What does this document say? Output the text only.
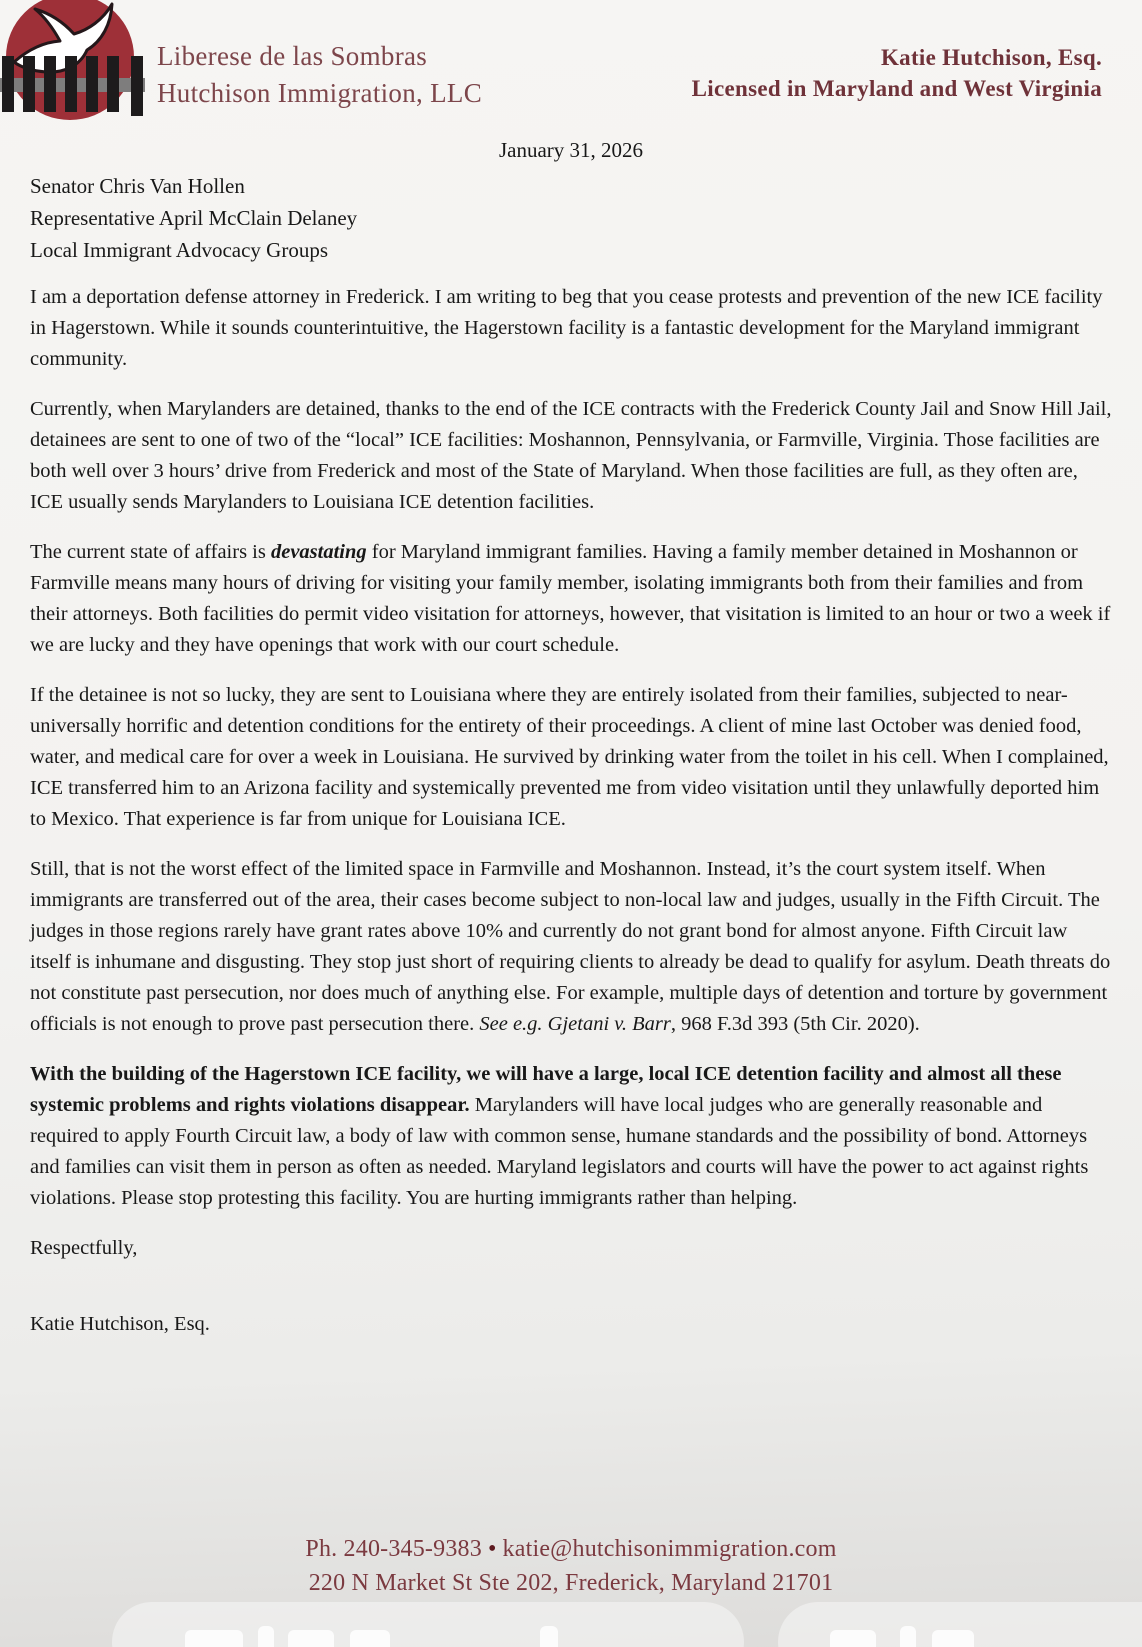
Liberese de las Sombras
Hutchison Immigration, LLC
Katie Hutchison, Esq.
Licensed in Maryland and West Virginia
January 31, 2026
Senator Chris Van Hollen
Representative April McClain Delaney
Local Immigrant Advocacy Groups

I am a deportation defense attorney in Frederick. I am writing to beg that you cease protests and prevention of the new ICE facility in Hagerstown. While it sounds counterintuitive, the Hagerstown facility is a fantastic development for the Maryland immigrant community.

Currently, when Marylanders are detained, thanks to the end of the ICE contracts with the Frederick County Jail and Snow Hill Jail, detainees are sent to one of two of the “local” ICE facilities: Moshannon, Pennsylvania, or Farmville, Virginia. Those facilities are both well over 3 hours’ drive from Frederick and most of the State of Maryland. When those facilities are full, as they often are, ICE usually sends Marylanders to Louisiana ICE detention facilities.

The current state of affairs is devastating for Maryland immigrant families. Having a family member detained in Moshannon or Farmville means many hours of driving for visiting your family member, isolating immigrants both from their families and from their attorneys. Both facilities do permit video visitation for attorneys, however, that visitation is limited to an hour or two a week if we are lucky and they have openings that work with our court schedule.

If the detainee is not so lucky, they are sent to Louisiana where they are entirely isolated from their families, subjected to near-universally horrific and detention conditions for the entirety of their proceedings. A client of mine last October was denied food, water, and medical care for over a week in Louisiana. He survived by drinking water from the toilet in his cell. When I complained, ICE transferred him to an Arizona facility and systemically prevented me from video visitation until they unlawfully deported him to Mexico. That experience is far from unique for Louisiana ICE.

Still, that is not the worst effect of the limited space in Farmville and Moshannon. Instead, it’s the court system itself. When immigrants are transferred out of the area, their cases become subject to non-local law and judges, usually in the Fifth Circuit. The judges in those regions rarely have grant rates above 10% and currently do not grant bond for almost anyone. Fifth Circuit law itself is inhumane and disgusting. They stop just short of requiring clients to already be dead to qualify for asylum. Death threats do not constitute past persecution, nor does much of anything else. For example, multiple days of detention and torture by government officials is not enough to prove past persecution there. See e.g. Gjetani v. Barr, 968 F.3d 393 (5th Cir. 2020).

With the building of the Hagerstown ICE facility, we will have a large, local ICE detention facility and almost all these systemic problems and rights violations disappear. Marylanders will have local judges who are generally reasonable and required to apply Fourth Circuit law, a body of law with common sense, humane standards and the possibility of bond. Attorneys and families can visit them in person as often as needed. Maryland legislators and courts will have the power to act against rights violations. Please stop protesting this facility. You are hurting immigrants rather than helping.

Respectfully,
Katie Hutchison, Esq.
Ph. 240-345-9383 • katie@hutchisonimmigration.com
220 N Market St Ste 202, Frederick, Maryland 21701
